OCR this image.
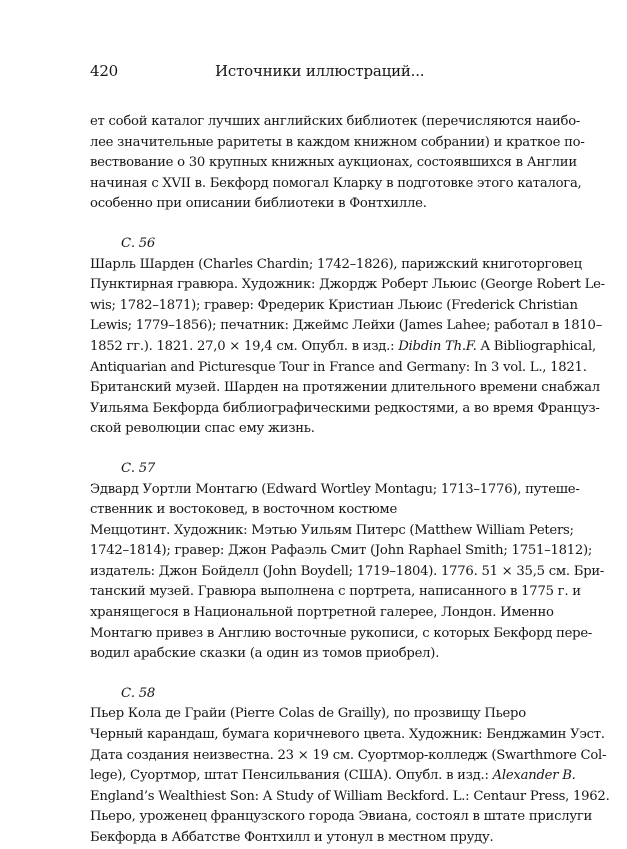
420	Источники иллюстраций...
ет собой каталог лучших английских библиотек (перечисляются наибо-
лее значительные раритеты в каждом книжном собрании) и краткое по-
вествование о 30 крупных книжных аукционах, состоявшихся в Англии
начиная с XVII в. Бекфорд помогал Кларку в подготовке этого каталога,
особенно при описании библиотеки в Фонтхилле.
С. 56
Шарль Шарден (Charles Chardin; 1742–1826), парижский книготорговец
Пунктирная гравюра. Художник: Джордж Роберт Льюис (George Robert Le-
wis; 1782–1871); гравер: Фредерик Кристиан Льюис (Frederick Christian
Lewis; 1779–1856); печатник: Джеймс Лейхи (James Lahee; работал в 1810–
1852 гг.). 1821. 27,0 × 19,4 см. Опубл. в изд.: Dibdin Th.F. A Bibliographical,
Antiquarian and Picturesque Tour in France and Germany: In 3 vol. L., 1821.
Британский музей. Шарден на протяжении длительного времени снабжал
Уильяма Бекфорда библиографическими редкостями, а во время Француз-
ской революции спас ему жизнь.
С. 57
Эдвард Уортли Монтагю (Edward Wortley Montagu; 1713–1776), путеше-
ственник и востоковед, в восточном костюме
Меццотинт. Художник: Мэтью Уильям Питерс (Matthew William Peters;
1742–1814); гравер: Джон Рафаэль Смит (John Raphael Smith; 1751–1812);
издатель: Джон Бойделл (John Boydell; 1719–1804). 1776. 51 × 35,5 см. Бри-
танский музей. Гравюра выполнена с портрета, написанного в 1775 г. и
хранящегося в Национальной портретной галерее, Лондон. Именно
Монтагю привез в Англию восточные рукописи, с которых Бекфорд пере-
водил арабские сказки (а один из томов приобрел).
С. 58
Пьер Кола де Грайи (Pierre Colas de Grailly), по прозвищу Пьеро
Черный карандаш, бумага коричневого цвета. Художник: Бенджамин Уэст.
Дата создания неизвестна. 23 × 19 см. Суортмор-колледж (Swarthmore Col-
lege), Суортмор, штат Пенсильвания (США). Опубл. в изд.: Alexander B.
England’s Wealthiest Son: A Study of William Beckford. L.: Centaur Press, 1962.
Пьеро, уроженец французского города Эвиана, состоял в штате прислуги
Бекфорда в Аббатстве Фонтхилл и утонул в местном пруду.
